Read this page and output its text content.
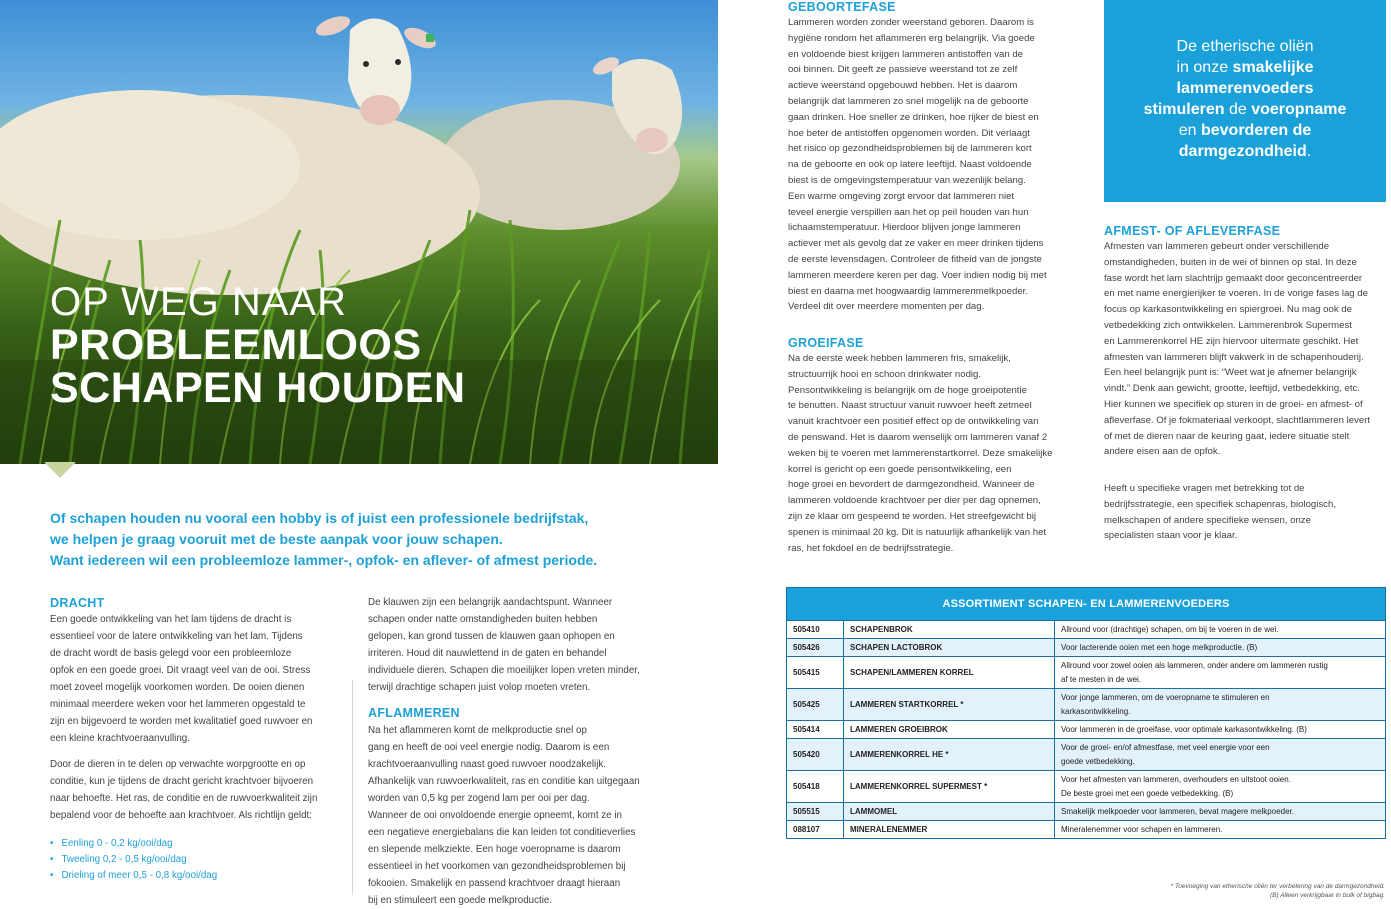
OP WEG NAAR
PROBLEEMLOOS
SCHAPEN HOUDEN

Of schapen houden nu vooral een hobby is of juist een professionele bedrijfstak,
we helpen je graag vooruit met de beste aanpak voor jouw schapen.
Want iedereen wil een probleemloze lammer-, opfok- en aflever- of afmest periode.

DRACHT

Een goede ontwikkeling van het lam tijdens de dracht is
essentieel voor de latere ontwikkeling van het lam. Tijdens
de dracht wordt de basis gelegd voor een probleemloze
opfok en een goede groei. Dit vraagt veel van de ooi. Stress
moet zoveel mogelijk voorkomen worden. De ooien dienen
minimaal meerdere weken voor het lammeren opgestald te
zijn en bijgevoerd te worden met kwalitatief goed ruwvoer en
een kleine krachtvoeraanvulling.

Door de dieren in te delen op verwachte worpgrootte en op
conditie, kun je tijdens de dracht gericht krachtvoer bijvoeren
naar behoefte. Het ras, de conditie en de ruwvoerkwaliteit zijn
bepalend voor de behoefte aan krachtvoer. Als richtlijn geldt:

• Eenling 0 - 0,2 kg/ooi/dag
• Tweeling 0,2 - 0,5 kg/ooi/dag
• Drieling of meer 0,5 - 0,8 kg/ooi/dag

De klauwen zijn een belangrijk aandachtspunt. Wanneer
schapen onder natte omstandigheden buiten hebben
gelopen, kan grond tussen de klauwen gaan ophopen en
irriteren. Houd dit nauwlettend in de gaten en behandel
individuele dieren. Schapen die moeilijker lopen vreten minder,
terwijl drachtige schapen juist volop moeten vreten.

AFLAMMEREN

Na het aflammeren komt de melkproductie snel op
gang en heeft de ooi veel energie nodig. Daarom is een
krachtvoeraanvulling naast goed ruwvoer noodzakelijk.
Afhankelijk van ruwvoerkwaliteit, ras en conditie kan uitgegaan
worden van 0,5 kg per zogend lam per ooi per dag.
Wanneer de ooi onvoldoende energie opneemt, komt ze in
een negatieve energiebalans die kan leiden tot conditieverlies
en slepende melkziekte. Een hoge voeropname is daarom
essentieel in het voorkomen van gezondheidsproblemen bij
fokooien. Smakelijk en passend krachtvoer draagt hieraan
bij en stimuleert een goede melkproductie.

GEBOORTEFASE

Lammeren worden zonder weerstand geboren. Daarom is
hygiëne rondom het aflammeren erg belangrijk. Via goede
en voldoende biest krijgen lammeren antistoffen van de
ooi binnen. Dit geeft ze passieve weerstand tot ze zelf
actieve weerstand opgebouwd hebben. Het is daarom
belangrijk dat lammeren zo snel mogelijk na de geboorte
gaan drinken. Hoe sneller ze drinken, hoe rijker de biest en
hoe beter de antistoffen opgenomen worden. Dit verlaagt
het risico op gezondheidsproblemen bij de lammeren kort
na de geboorte en ook op latere leeftijd. Naast voldoende
biest is de omgevingstemperatuur van wezenlijk belang.
Een warme omgeving zorgt ervoor dat lammeren niet
teveel energie verspillen aan het op peil houden van hun
lichaamstemperatuur. Hierdoor blijven jonge lammeren
actiever met als gevolg dat ze vaker en meer drinken tijdens
de eerste levensdagen. Controleer de fitheid van de jongste
lammeren meerdere keren per dag. Voer indien nodig bij met
biest en daarna met hoogwaardig lammerenmelkpoeder.
Verdeel dit over meerdere momenten per dag.

GROEIFASE

Na de eerste week hebben lammeren fris, smakelijk,
structuurrijk hooi en schoon drinkwater nodig.
Pensontwikkeling is belangrijk om de hoge groeipotentie
te benutten. Naast structuur vanuit ruwvoer heeft zetmeel
vanuit krachtvoer een positief effect op de ontwikkeling van
de penswand. Het is daarom wenselijk om lammeren vanaf 2
weken bij te voeren met lammerenstartkorrel. Deze smakelijke
korrel is gericht op een goede pensontwikkeling, een
hoge groei en bevordert de darmgezondheid. Wanneer de
lammeren voldoende krachtvoer per dier per dag opnemen,
zijn ze klaar om gespeend te worden. Het streefgewicht bij
spenen is minimaal 20 kg. Dit is natuurlijk afhankelijk van het
ras, het fokdoel en de bedrijfsstrategie.

De etherische oliën
in onze smakelijke
lammerenvoeders
stimuleren de voeropname
en bevorderen de
darmgezondheid.

AFMEST- OF AFLEVERFASE

Afmesten van lammeren gebeurt onder verschillende
omstandigheden, buiten in de wei of binnen op stal. In deze
fase wordt het lam slachtrijp gemaakt door geconcentreerder
en met name energierijker te voeren. In de vorige fases lag de
focus op karkasontwikkeling en spiergroei. Nu mag ook de
vetbedekking zich ontwikkelen. Lammerenbrok Supermest
en Lammerenkorrel HE zijn hiervoor uitermate geschikt. Het
afmesten van lammeren blijft vakwerk in de schapenhouderij.
Een heel belangrijk punt is: “Weet wat je afnemer belangrijk
vindt.” Denk aan gewicht, grootte, leeftijd, vetbedekking, etc.
Hier kunnen we specifiek op sturen in de groei- en afmest- of
afleverfase. Of je fokmateriaal verkoopt, slachtlammeren levert
of met de dieren naar de keuring gaat, iedere situatie stelt
andere eisen aan de opfok.

Heeft u specifieke vragen met betrekking tot de
bedrijfsstrategie, een specifiek schapenras, biologisch,
melkschapen of andere specifieke wensen, onze
specialisten staan voor je klaar.

ASSORTIMENT SCHAPEN- EN LAMMERENVOEDERS
505410	SCHAPENBROK	Allround voor (drachtige) schapen, om bij te voeren in de wei.

505426	SCHAPEN LACTOBROK	Voor lacterende ooien met een hoge melkproductie. (B)

505415	SCHAPEN/LAMMEREN KORREL	Allround voor zowel ooien als lammeren, onder andere om lammeren rustig
af te mesten in de wei.

505425	LAMMEREN STARTKORREL *	Voor jonge lammeren, om de voeropname te stimuleren en
karkasontwikkeling.

505414	LAMMEREN GROEIBROK	Voor lammeren in de groeifase, voor optimale karkasontwikkeling. (B)

505420	LAMMERENKORREL HE *	Voor de groei- en/of afmestfase, met veel energie voor een
goede vetbedekking.

505418	LAMMERENKORREL SUPERMEST *	Voor het afmesten van lammeren, overhouders en uitstoot ooien.
De beste groei met een goede vetbedekking. (B)

505515	LAMMOMEL	Smakelijk melkpoeder voor lammeren, bevat magere melkpoeder.

088107	MINERALENEMMER	Mineralenemmer voor schapen en lammeren.
* Toevoeging van etherische oliën ter verbetering van de darmgezondheid.
(B) Alleen verkrijgbaar in bulk of bigbag.
